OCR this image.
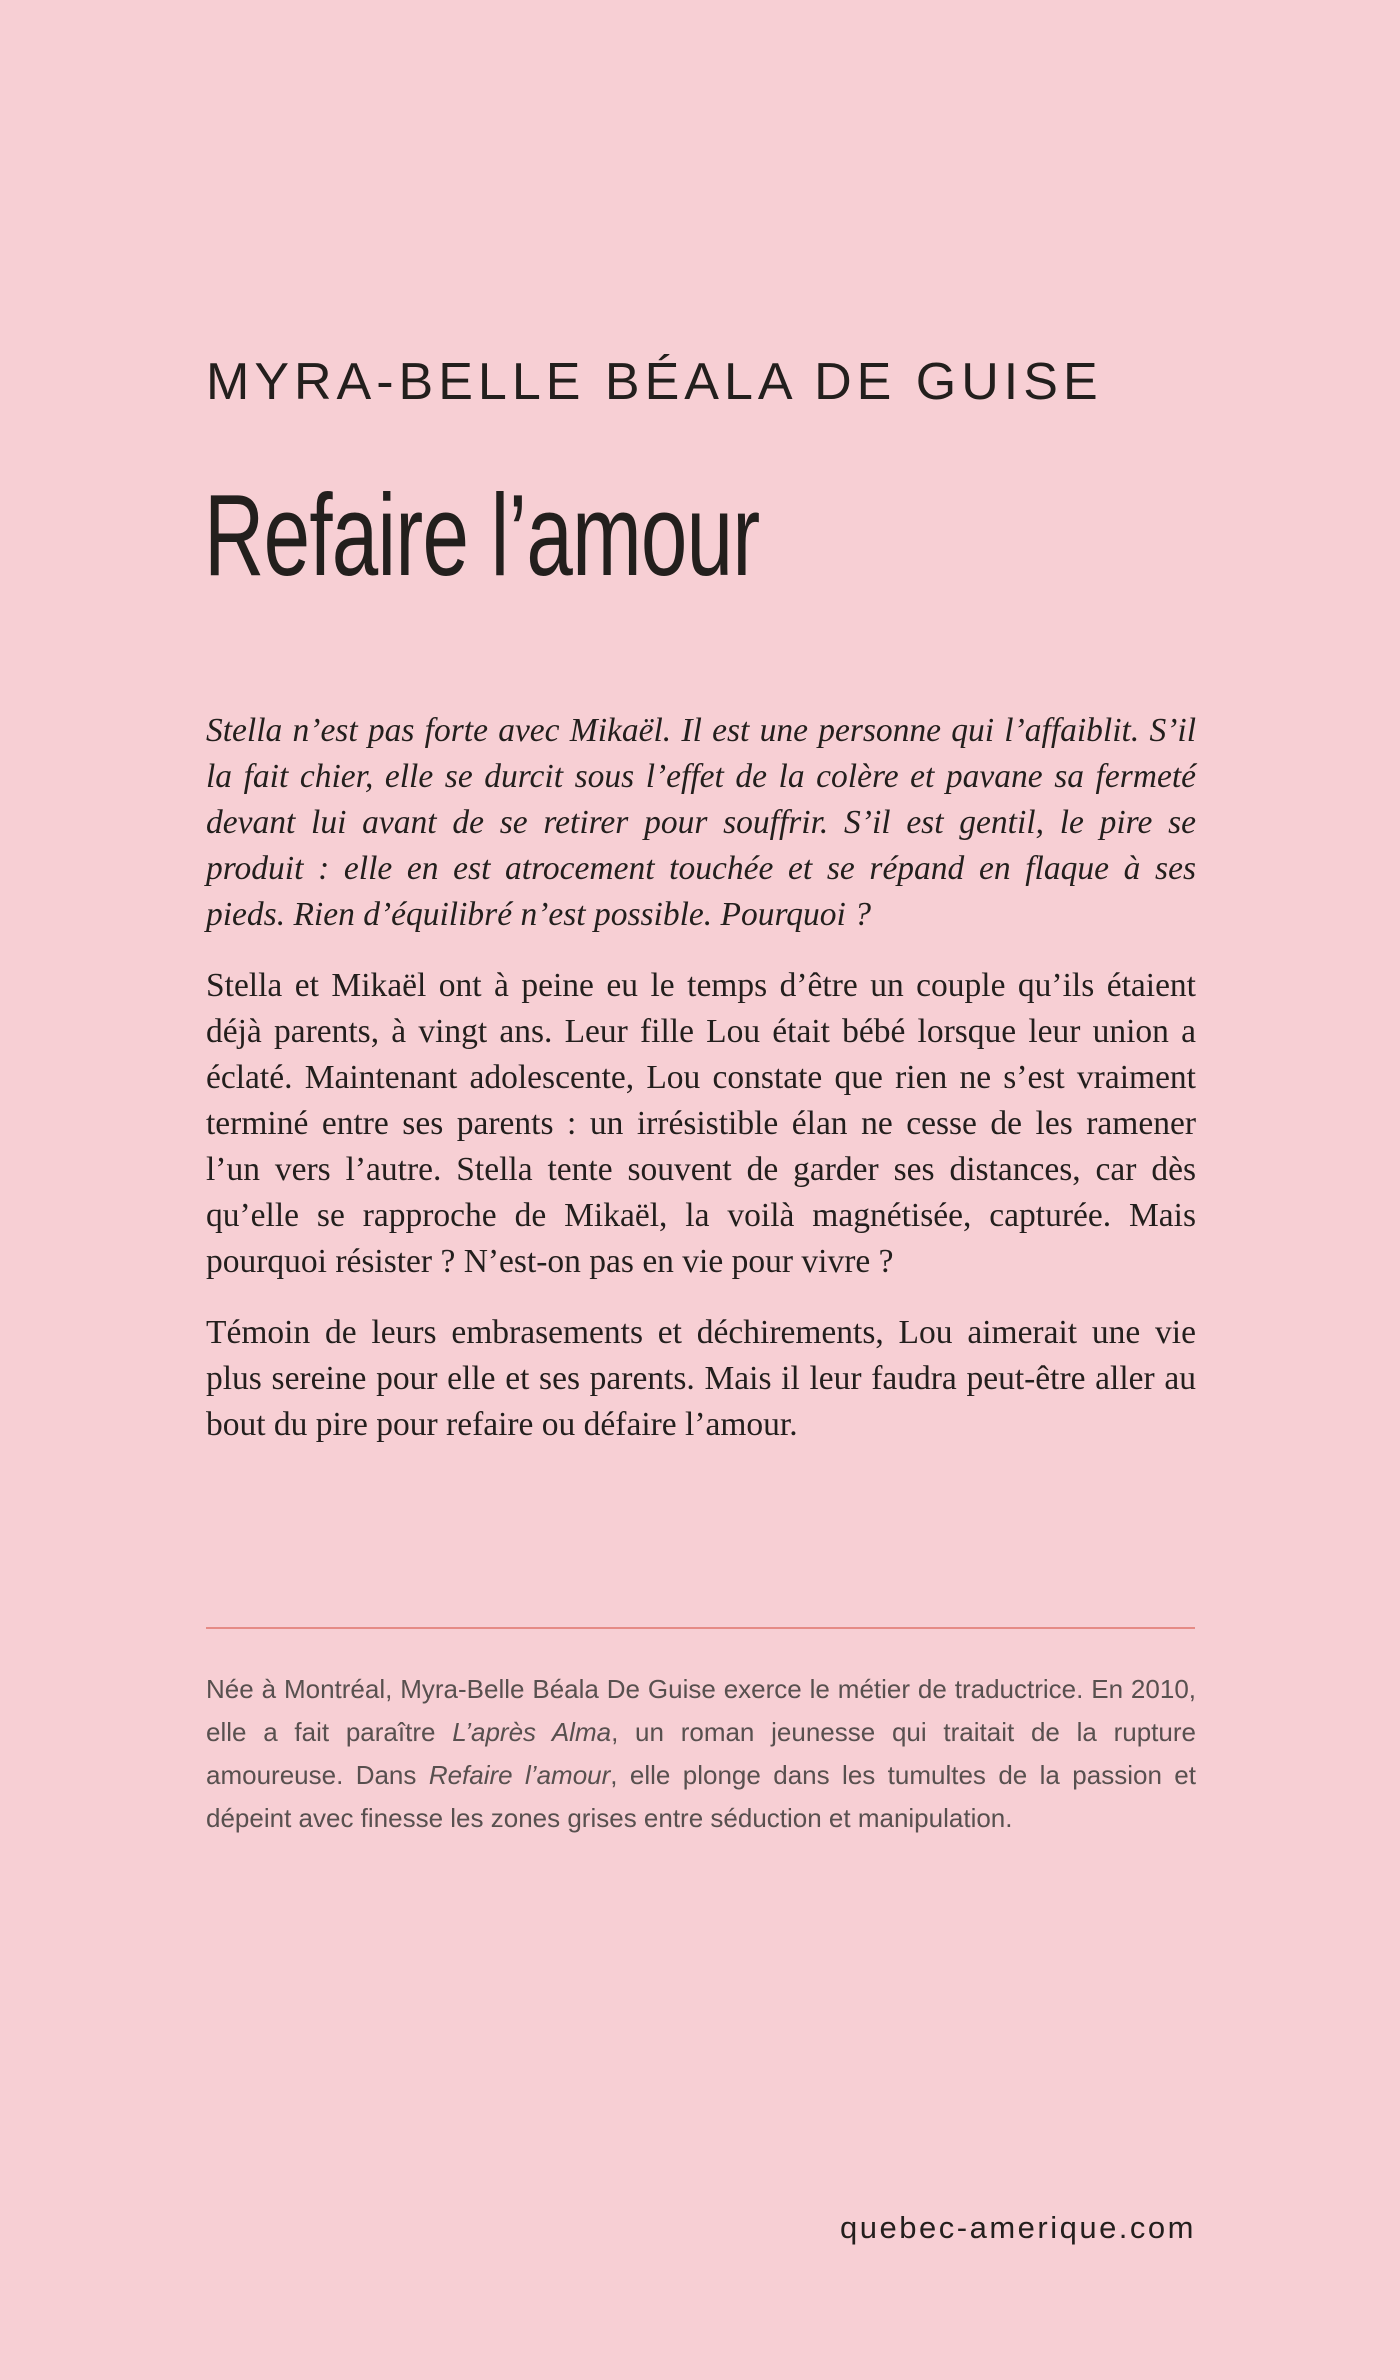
MYRA-BELLE BÉALA DE GUISE
Refaire l’amour

Stella n’est pas forte avec Mikaël. Il est une personne qui l’affaiblit. S’il la fait chier, elle se durcit sous l’effet de la colère et pavane sa fermeté devant lui avant de se retirer pour souffrir. S’il est gentil, le pire se produit : elle en est atrocement touchée et se répand en flaque à ses pieds. Rien d’équilibré n’est possible. Pourquoi ?

Stella et Mikaël ont à peine eu le temps d’être un couple qu’ils étaient déjà parents, à vingt ans. Leur fille Lou était bébé lorsque leur union a éclaté. Maintenant adolescente, Lou constate que rien ne s’est vraiment terminé entre ses parents : un irrésistible élan ne cesse de les ramener l’un vers l’autre. Stella tente souvent de garder ses distances, car dès qu’elle se rapproche de Mikaël, la voilà magnétisée, capturée. Mais pourquoi résister ? N’est-on pas en vie pour vivre ?

Témoin de leurs embrasements et déchirements, Lou aimerait une vie plus sereine pour elle et ses parents. Mais il leur faudra peut-être aller au bout du pire pour refaire ou défaire l’amour.

Née à Montréal, Myra-Belle Béala De Guise exerce le métier de traductrice. En 2010, elle a fait paraître L’après Alma, un roman jeunesse qui traitait de la rupture amoureuse. Dans Refaire l’amour, elle plonge dans les tumultes de la passion et dépeint avec finesse les zones grises entre séduction et manipulation.

quebec-amerique.com
